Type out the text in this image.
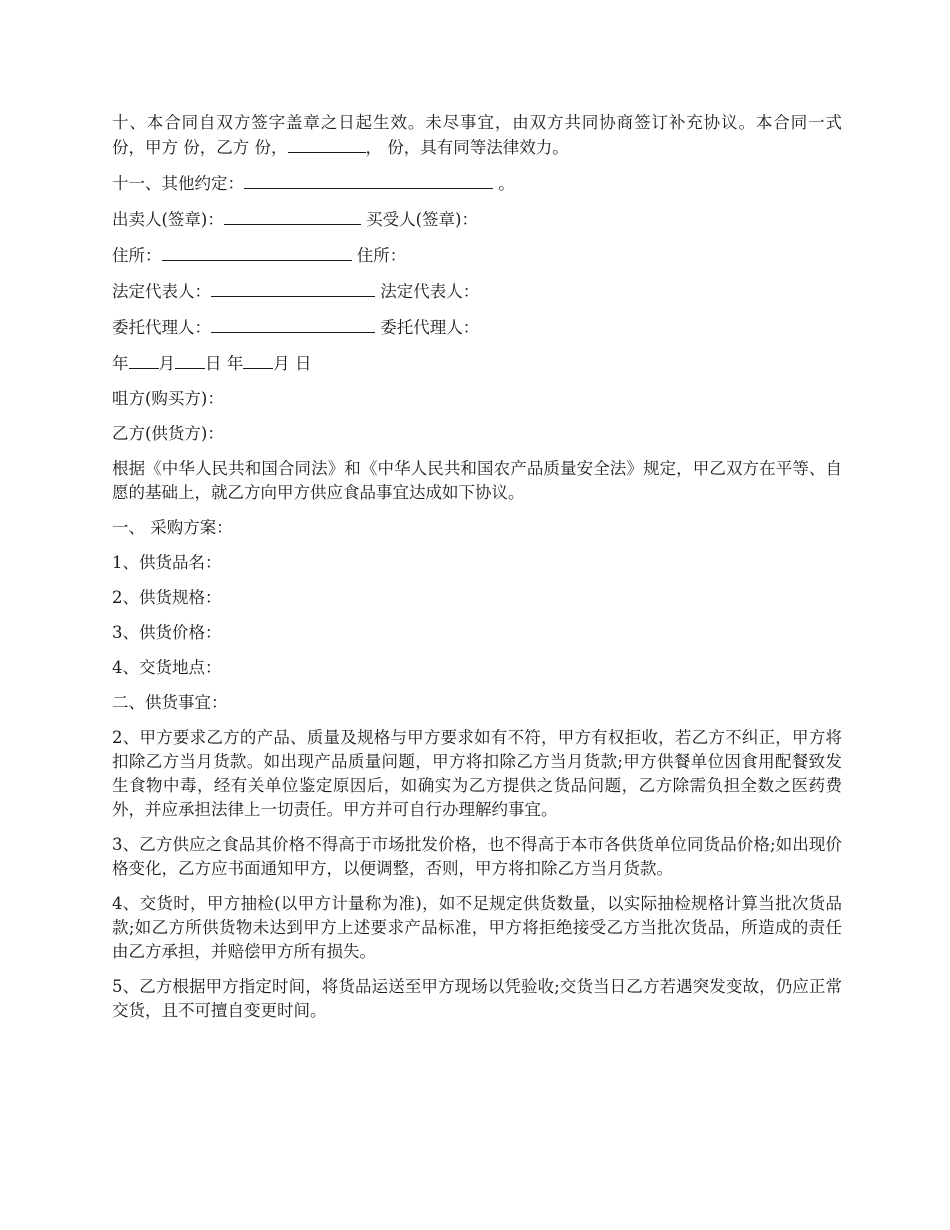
十、本合同自双方签字盖章之日起生效。未尽事宜，由双方共同协商签订补充协议。本合同一式 份，甲方 份，乙方 份，	， 份，具有同等法律效力。

十一、其他约定：	。

出卖人(签章)：	买受人(签章)：

住所：	住所：

法定代表人：	法定代表人：

委托代理人：	委托代理人：

年 月 日 年 月 日

咀方(购买方)：

乙方(供货方)：

根据《中华人民共和国合同法》和《中华人民共和国农产品质量安全法》规定，甲乙双方在平等、自愿的基础上，就乙方向甲方供应食品事宜达成如下协议。

一、 采购方案：

1、供货品名：

2、供货规格：

3、供货价格：

4、交货地点：

二、供货事宜：

2、甲方要求乙方的产品、质量及规格与甲方要求如有不符，甲方有权拒收，若乙方不纠正，甲方将扣除乙方当月货款。如出现产品质量问题，甲方将扣除乙方当月货款;甲方供餐单位因食用配餐致发生食物中毒，经有关单位鉴定原因后，如确实为乙方提供之货品问题，乙方除需负担全数之医药费外，并应承担法律上一切责任。甲方并可自行办理解约事宜。

3、乙方供应之食品其价格不得高于市场批发价格，也不得高于本市各供货单位同货品价格;如出现价格变化，乙方应书面通知甲方，以便调整，否则，甲方将扣除乙方当月货款。

4、交货时，甲方抽检(以甲方计量称为准)，如不足规定供货数量，以实际抽检规格计算当批次货品款;如乙方所供货物未达到甲方上述要求产品标准，甲方将拒绝接受乙方当批次货品，所造成的责任由乙方承担，并赔偿甲方所有损失。

5、乙方根据甲方指定时间，将货品运送至甲方现场以凭验收;交货当日乙方若遇突发变故，仍应正常交货，且不可擅自变更时间。
